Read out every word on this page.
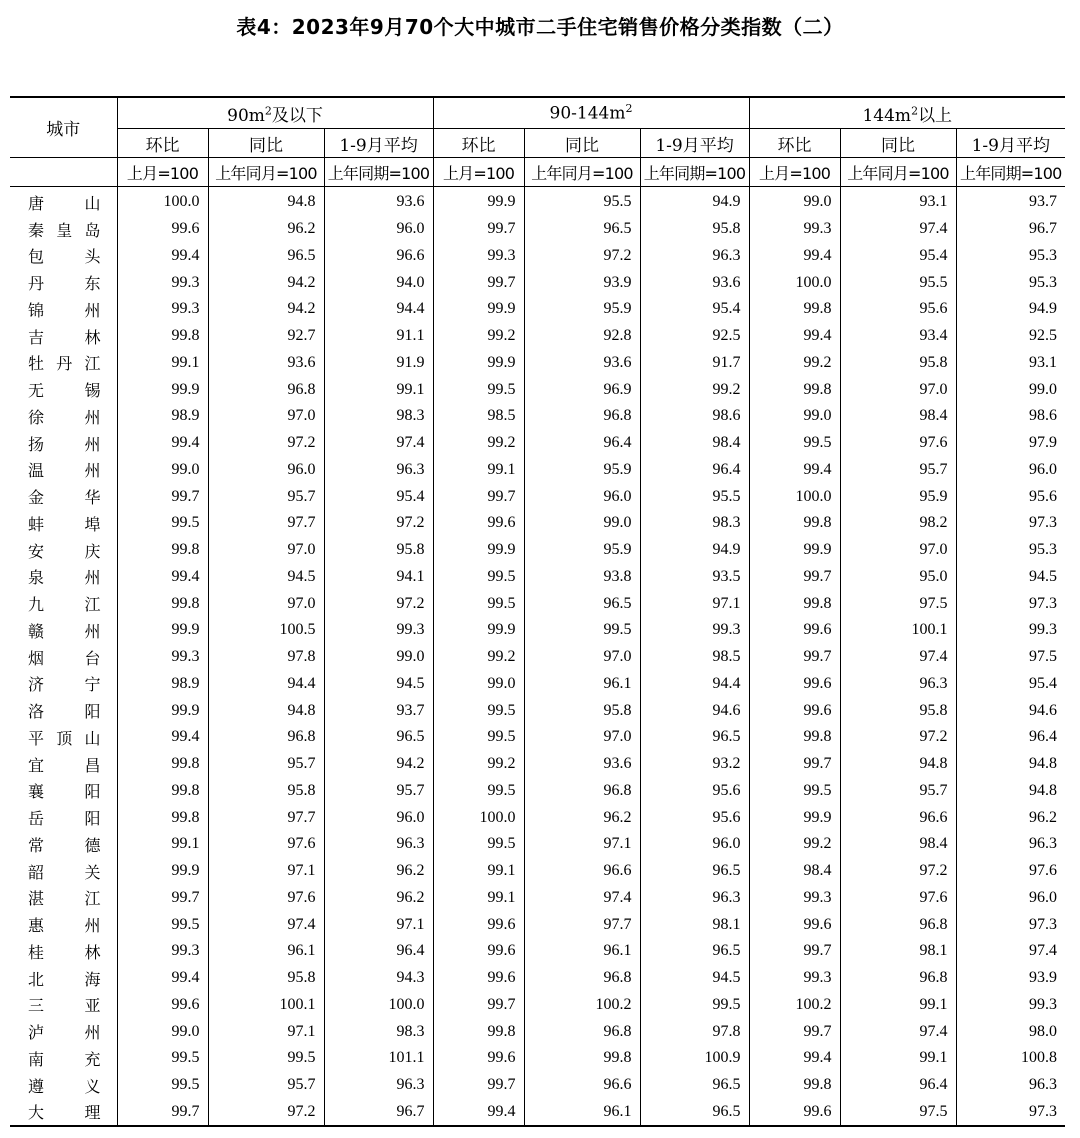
表4：2023年9月70个大中城市二手住宅销售价格分类指数（二）
城市	$90m^2$及以下			$90-144m^2$			$144m^2$以上		
	环比	同比	1-9月平均	环比	同比	1-9月平均	环比	同比	1-9月平均
	上月=100	上年同月=100	上年同期=100	上月=100	上年同月=100	上年同期=100	上月=100	上年同月=100	上年同期=100

唐 山	100.0	94.8	93.6	99.9	95.5	94.9	99.0	93.1	93.7

秦 皇 岛	99.6	96.2	96.0	99.7	96.5	95.8	99.3	97.4	96.7

包 头	99.4	96.5	96.6	99.3	97.2	96.3	99.4	95.4	95.3

丹 东	99.3	94.2	94.0	99.7	93.9	93.6	100.0	95.5	95.3

锦 州	99.3	94.2	94.4	99.9	95.9	95.4	99.8	95.6	94.9

吉 林	99.8	92.7	91.1	99.2	92.8	92.5	99.4	93.4	92.5

牡 丹 江	99.1	93.6	91.9	99.9	93.6	91.7	99.2	95.8	93.1

无 锡	99.9	96.8	99.1	99.5	96.9	99.2	99.8	97.0	99.0

徐 州	98.9	97.0	98.3	98.5	96.8	98.6	99.0	98.4	98.6

扬 州	99.4	97.2	97.4	99.2	96.4	98.4	99.5	97.6	97.9

温 州	99.0	96.0	96.3	99.1	95.9	96.4	99.4	95.7	96.0

金 华	99.7	95.7	95.4	99.7	96.0	95.5	100.0	95.9	95.6

蚌 埠	99.5	97.7	97.2	99.6	99.0	98.3	99.8	98.2	97.3

安 庆	99.8	97.0	95.8	99.9	95.9	94.9	99.9	97.0	95.3

泉 州	99.4	94.5	94.1	99.5	93.8	93.5	99.7	95.0	94.5

九 江	99.8	97.0	97.2	99.5	96.5	97.1	99.8	97.5	97.3

赣 州	99.9	100.5	99.3	99.9	99.5	99.3	99.6	100.1	99.3

烟 台	99.3	97.8	99.0	99.2	97.0	98.5	99.7	97.4	97.5

济 宁	98.9	94.4	94.5	99.0	96.1	94.4	99.6	96.3	95.4

洛 阳	99.9	94.8	93.7	99.5	95.8	94.6	99.6	95.8	94.6

平 顶 山	99.4	96.8	96.5	99.5	97.0	96.5	99.8	97.2	96.4

宜 昌	99.8	95.7	94.2	99.2	93.6	93.2	99.7	94.8	94.8

襄 阳	99.8	95.8	95.7	99.5	96.8	95.6	99.5	95.7	94.8

岳 阳	99.8	97.7	96.0	100.0	96.2	95.6	99.9	96.6	96.2

常 德	99.1	97.6	96.3	99.5	97.1	96.0	99.2	98.4	96.3

韶 关	99.9	97.1	96.2	99.1	96.6	96.5	98.4	97.2	97.6

湛 江	99.7	97.6	96.2	99.1	97.4	96.3	99.3	97.6	96.0

惠 州	99.5	97.4	97.1	99.6	97.7	98.1	99.6	96.8	97.3

桂 林	99.3	96.1	96.4	99.6	96.1	96.5	99.7	98.1	97.4

北 海	99.4	95.8	94.3	99.6	96.8	94.5	99.3	96.8	93.9

三 亚	99.6	100.1	100.0	99.7	100.2	99.5	100.2	99.1	99.3

泸 州	99.0	97.1	98.3	99.8	96.8	97.8	99.7	97.4	98.0

南 充	99.5	99.5	101.1	99.6	99.8	100.9	99.4	99.1	100.8

遵 义	99.5	95.7	96.3	99.7	96.6	96.5	99.8	96.4	96.3

大 理	99.7	97.2	96.7	99.4	96.1	96.5	99.6	97.5	97.3
